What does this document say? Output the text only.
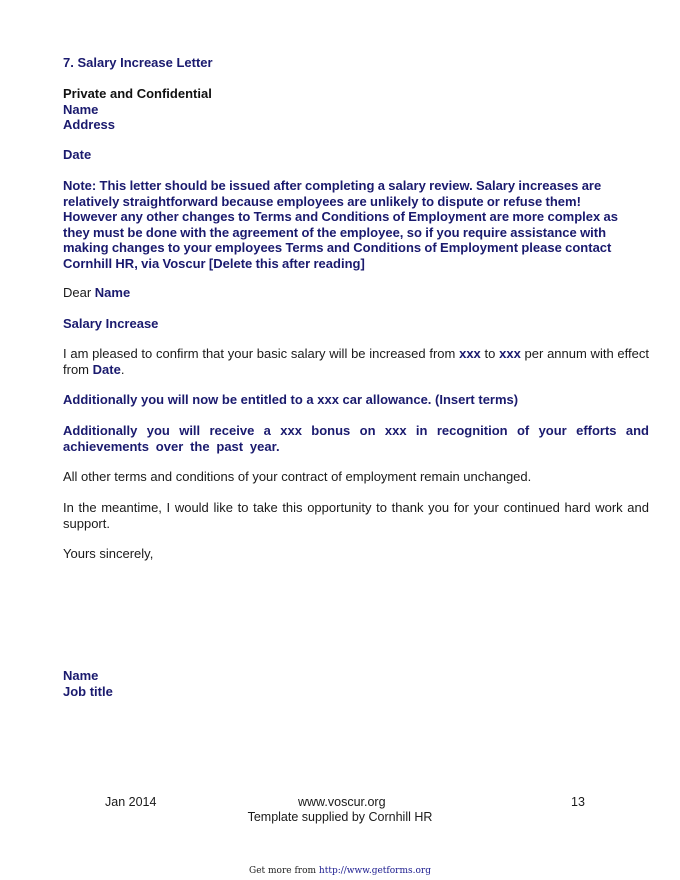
7. Salary Increase Letter
Private and Confidential
Name
Address
Date
Note: This letter should be issued after completing a salary review. Salary increases are
relatively straightforward because employees are unlikely to dispute or refuse them!
However any other changes to Terms and Conditions of Employment are more complex as
they must be done with the agreement of the employee, so if you require assistance with
making changes to your employees Terms and Conditions of Employment please contact
Cornhill HR, via Voscur [Delete this after reading]
Dear Name
Salary Increase
I am pleased to confirm that your basic salary will be increased from xxx to xxx per annum with effect from Date.
Additionally you will now be entitled to a xxx car allowance. (Insert terms)
Additionally you will receive a xxx bonus on xxx in recognition of your efforts and achievements over the past year.
All other terms and conditions of your contract of employment remain unchanged.
In the meantime, I would like to take this opportunity to thank you for your continued hard work and support.
Yours sincerely,
Name
Job title
Jan 2014	www.voscur.org	13
Template supplied by Cornhill HR
Get more from http://www.getforms.org
